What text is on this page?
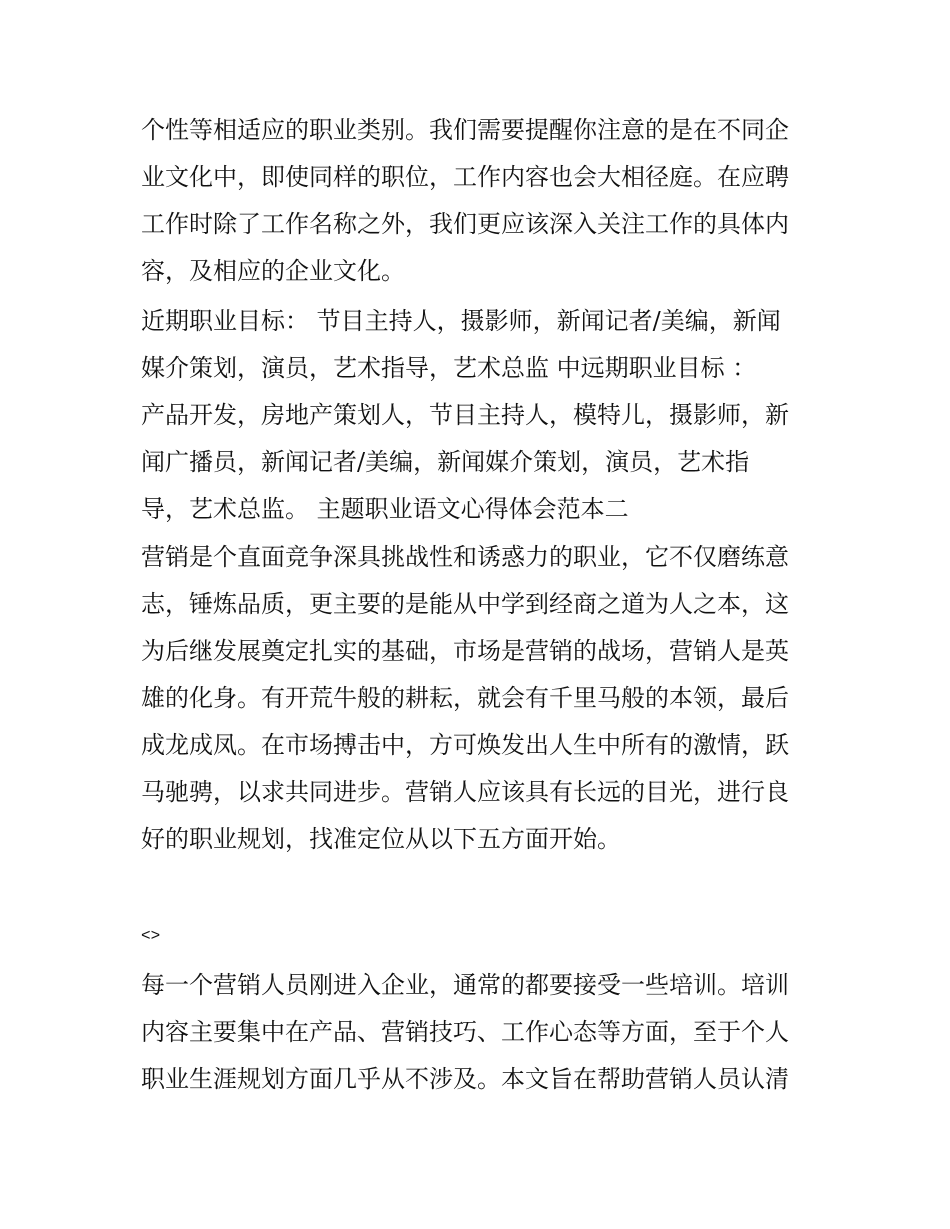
个性等相适应的职业类别。我们需要提醒你注意的是在不同企
业文化中，即使同样的职位，工作内容也会大相径庭。在应聘
工作时除了工作名称之外，我们更应该深入关注工作的具体内
容，及相应的企业文化。
近期职业目标： 节目主持人，摄影师，新闻记者/美编，新闻
媒介策划，演员，艺术指导，艺术总监 中远期职业目标 ：
产品开发，房地产策划人，节目主持人，模特儿，摄影师，新
闻广播员，新闻记者/美编，新闻媒介策划，演员，艺术指
导，艺术总监。 主题职业语文心得体会范本二
营销是个直面竞争深具挑战性和诱惑力的职业，它不仅磨练意
志，锤炼品质，更主要的是能从中学到经商之道为人之本，这
为后继发展奠定扎实的基础，市场是营销的战场，营销人是英
雄的化身。有开荒牛般的耕耘，就会有千里马般的本领，最后
成龙成凤。在市场搏击中，方可焕发出人生中所有的激情，跃
马驰骋，以求共同进步。营销人应该具有长远的目光，进行良
好的职业规划，找准定位从以下五方面开始。
<>
每一个营销人员刚进入企业，通常的都要接受一些培训。培训
内容主要集中在产品、营销技巧、工作心态等方面，至于个人
职业生涯规划方面几乎从不涉及。本文旨在帮助营销人员认清
